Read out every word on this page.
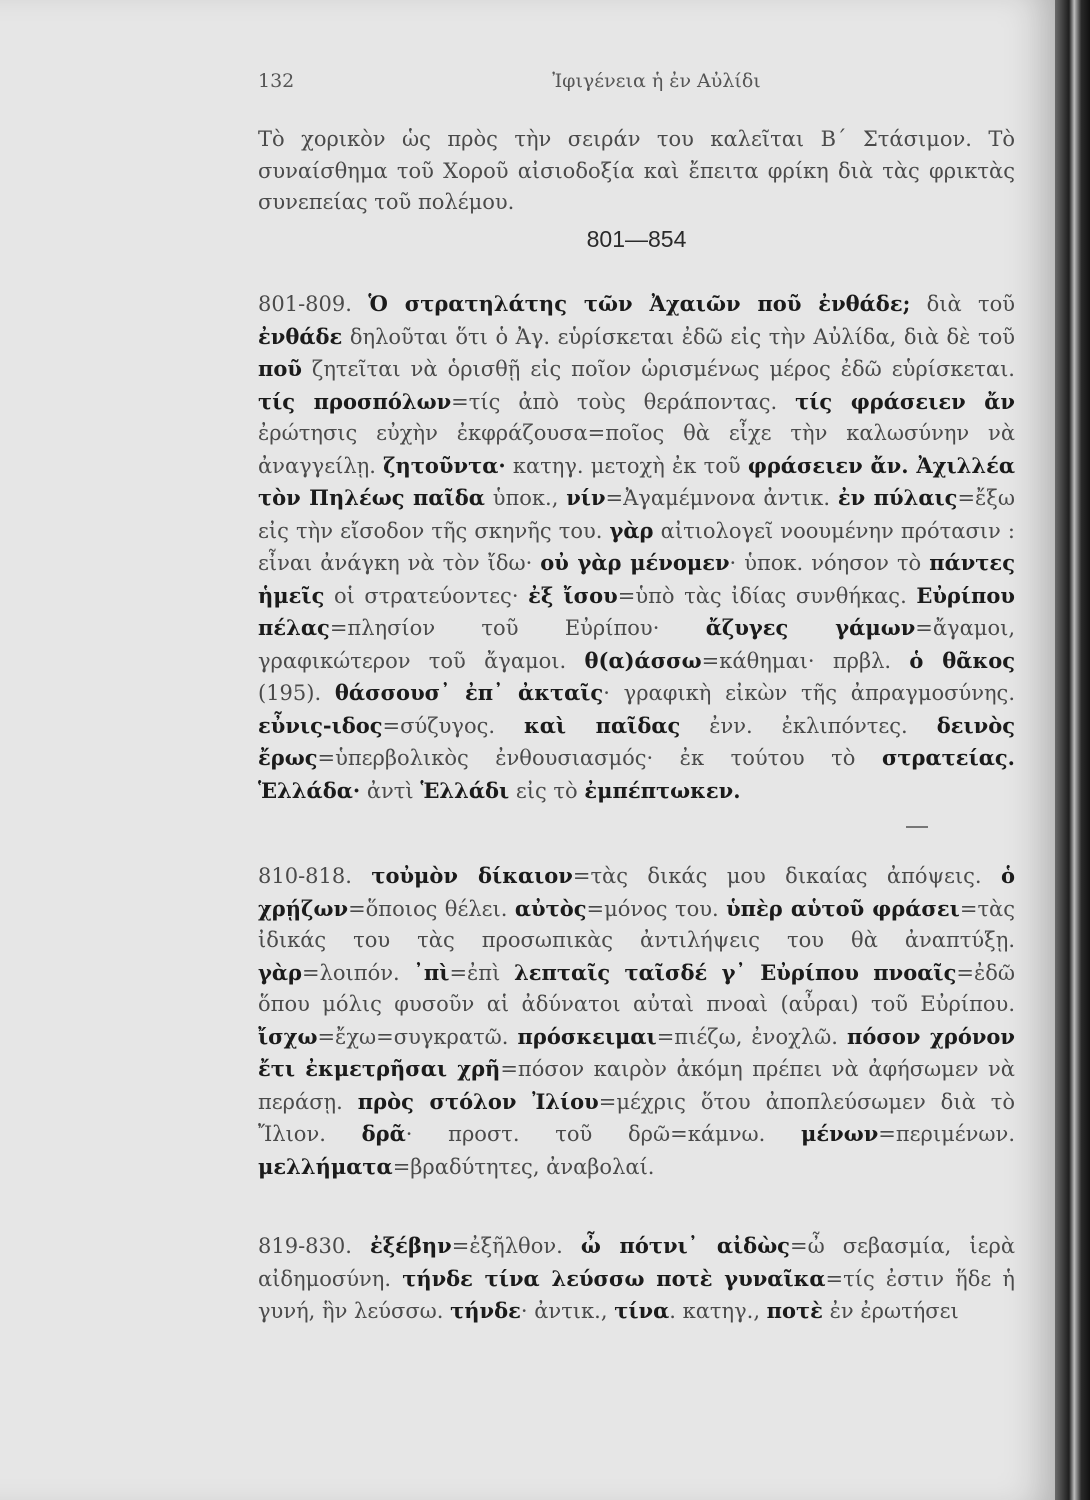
132	Ἰφιγένεια ἡ ἐν Αὐλίδι
Τὸ χορικὸν ὡς πρὸς τὴν σειράν του καλεῖται Β΄ Στάσιμον. Τὸ συναίσθημα τοῦ Χοροῦ αἰσιοδοξία καὶ ἔπειτα φρίκη διὰ τὰς φρικτὰς συνεπείας τοῦ πολέμου.
801—854
801-809. Ὁ στρατηλάτης τῶν Ἀχαιῶν ποῦ ἐνθάδε; διὰ τοῦ ἐνθάδε δηλοῦται ὅτι ὁ Ἀγ. εὑρίσκεται ἐδῶ εἰς τὴν Αὐλίδα, διὰ δὲ τοῦ ποῦ ζητεῖται νὰ ὁρισθῇ εἰς ποῖον ὡρισμένως μέρος ἐδῶ εὑρίσκεται. τίς προσπόλων=τίς ἀπὸ τοὺς θεράποντας. τίς φράσειεν ἄν ἐρώτησις εὐχὴν ἐκφράζουσα=ποῖος θὰ εἶχε τὴν καλωσύνην νὰ ἀναγγείλῃ. ζητοῦντα· κατηγ. μετοχὴ ἐκ τοῦ φράσειεν ἄν. Ἀχιλλέα τὸν Πηλέως παῖδα ὑποκ., νίν=Ἀγαμέμνονα ἀντικ. ἐν πύλαις=ἔξω εἰς τὴν εἴσοδον τῆς σκηνῆς του. γὰρ αἰτιολογεῖ νοουμένην πρότασιν : εἶναι ἀνάγκη νὰ τὸν ἴδω· οὐ γὰρ μένομεν· ὑποκ. νόησον τὸ πάντες ἡμεῖς οἱ στρατεύοντες· ἐξ ἴσου=ὑπὸ τὰς ἰδίας συνθήκας. Εὐρίπου πέλας=πλησίον τοῦ Εὐρίπου· ἄζυγες γάμων=ἄγαμοι, γραφικώτερον τοῦ ἄγαμοι. θ(α)άσσω=κάθημαι· πρβλ. ὁ θᾶκος (195). θάσσουσ᾽ ἐπ᾽ ἀκταῖς· γραφικὴ εἰκὼν τῆς ἀπραγμοσύνης. εὖνις-ιδος=σύζυγος. καὶ παῖδας ἐνν. ἐκλιπόντες. δεινὸς ἔρως=ὑπερβολικὸς ἐνθουσιασμός· ἐκ τούτου τὸ στρατείας. Ἑλλάδα· ἀντὶ Ἑλλάδι εἰς τὸ ἐμπέπτωκεν.
810-818. τοὐμὸν δίκαιον=τὰς δικάς μου δικαίας ἀπόψεις. ὁ χρῄζων=ὅποιος θέλει. αὐτὸς=μόνος του. ὑπὲρ αὑτοῦ φράσει=τὰς ἰδικάς του τὰς προσωπικὰς ἀντιλήψεις του θὰ ἀναπτύξῃ. γὰρ=λοιπόν. ᾽πὶ=ἐπὶ λεπταῖς ταῖσδέ γ᾽ Εὐρίπου πνοαῖς=ἐδῶ ὅπου μόλις φυσοῦν αἱ ἀδύνατοι αὐταὶ πνοαὶ (αὖραι) τοῦ Εὐρίπου. ἴσχω=ἔχω=συγκρατῶ. πρόσκειμαι=πιέζω, ἐνοχλῶ. πόσον χρόνον ἔτι ἐκμετρῆσαι χρῆ=πόσον καιρὸν ἀκόμη πρέπει νὰ ἀφήσωμεν νὰ περάσῃ. πρὸς στόλον Ἰλίου=μέχρις ὅτου ἀποπλεύσωμεν διὰ τὸ Ἴλιον. δρᾶ· προστ. τοῦ δρῶ=κάμνω. μένων=περιμένων. μελλήματα=βραδύτητες, ἀναβολαί.
819-830. ἐξέβην=ἐξῆλθον. ὦ πότνι᾽ αἰδὼς=ὦ σεβασμία, ἱερὰ αἰδημοσύνη. τήνδε τίνα λεύσσω ποτὲ γυναῖκα=τίς ἐστιν ἥδε ἡ γυνή, ἣν λεύσσω. τήνδε· ἀντικ., τίνα. κατηγ., ποτὲ ἐν ἐρωτήσει
